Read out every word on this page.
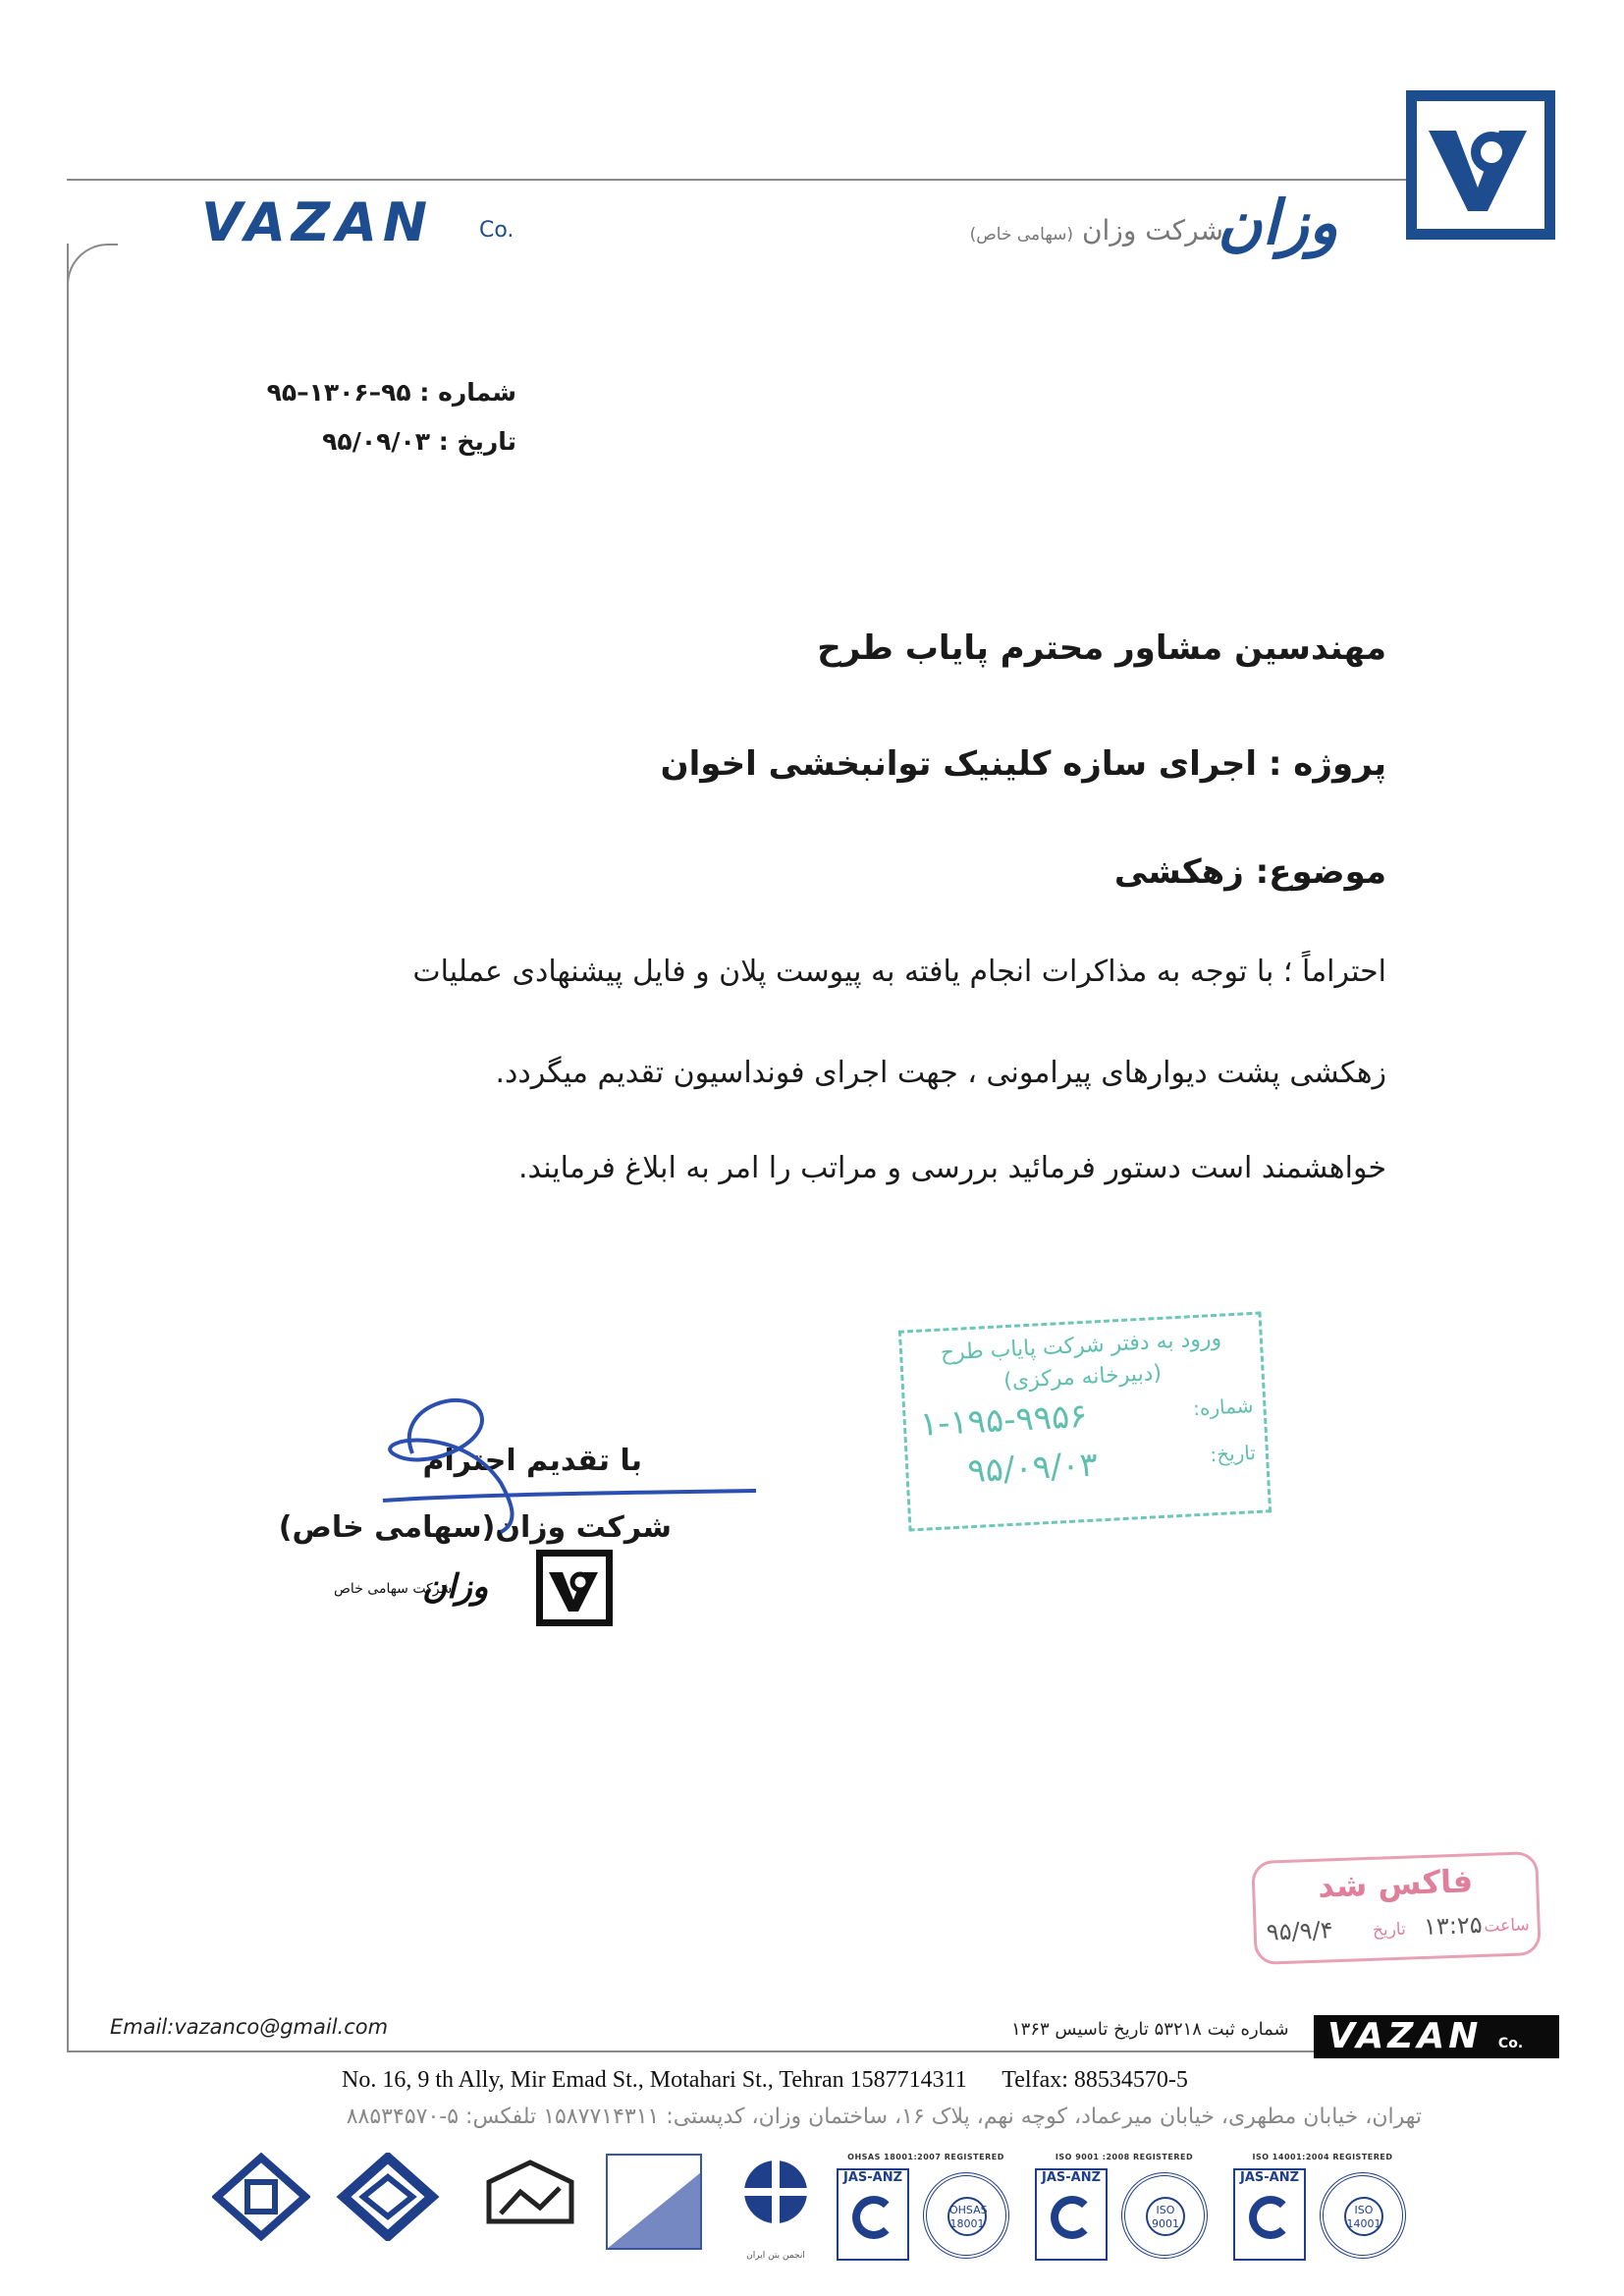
وزان
شرکت وزان (سهامی خاص)
VAZAN Co.
شماره : ۹۵–۱۳۰۶–۹۵
تاریخ : ۹۵/۰۹/۰۳
مهندسین مشاور محترم پایاب طرح
پروژه : اجرای سازه کلینیک توانبخشی اخوان
موضوع: زهکشی
احتراماً ؛ با توجه به مذاکرات انجام یافته به پیوست پلان و فایل پیشنهادی عملیات
زهکشی پشت دیوارهای پیرامونی ، جهت اجرای فونداسیون تقدیم میگردد.
خواهشمند است دستور فرمائید بررسی و مراتب را امر به ابلاغ فرمایند.
ورود به دفتر شرکت پایاب طرح
(دبیرخانه مرکزی)
شماره:
۱-۱۹۵-۹۹۵۶
تاریخ:
۹۵/۰۹/۰۳
فاکس شد
ساعت
۱۳:۲۵
تاریخ
۹۵/۹/۴
با تقدیم احترام
شرکت وزان(سهامی خاص)
وزان
شرکت سهامی خاص
Email:vazanco@gmail.com	شماره ثبت ۵۳۲۱۸ تاریخ تاسیس ۱۳۶۳	VAZAN Co.
No. 16, 9 th Ally, Mir Emad St., Motahari St., Tehran 1587714311      Telfax: 88534570-5
تهران، خیابان مطهری، خیابان میرعماد، کوچه نهم، پلاک ۱۶، ساختمان وزان، کدپستی: ۱۵۸۷۷۱۴۳۱۱ تلفکس: ۵-۸۸۵۳۴۵۷۰
OHSAS 18001:2007 REGISTERED
JAS-ANZ
OHSAS 18001
ISO 9001 :2008 REGISTERED
JAS-ANZ
ISO 9001
ISO 14001:2004 REGISTERED
JAS-ANZ
ISO 14001
انجمن بتن ایران
